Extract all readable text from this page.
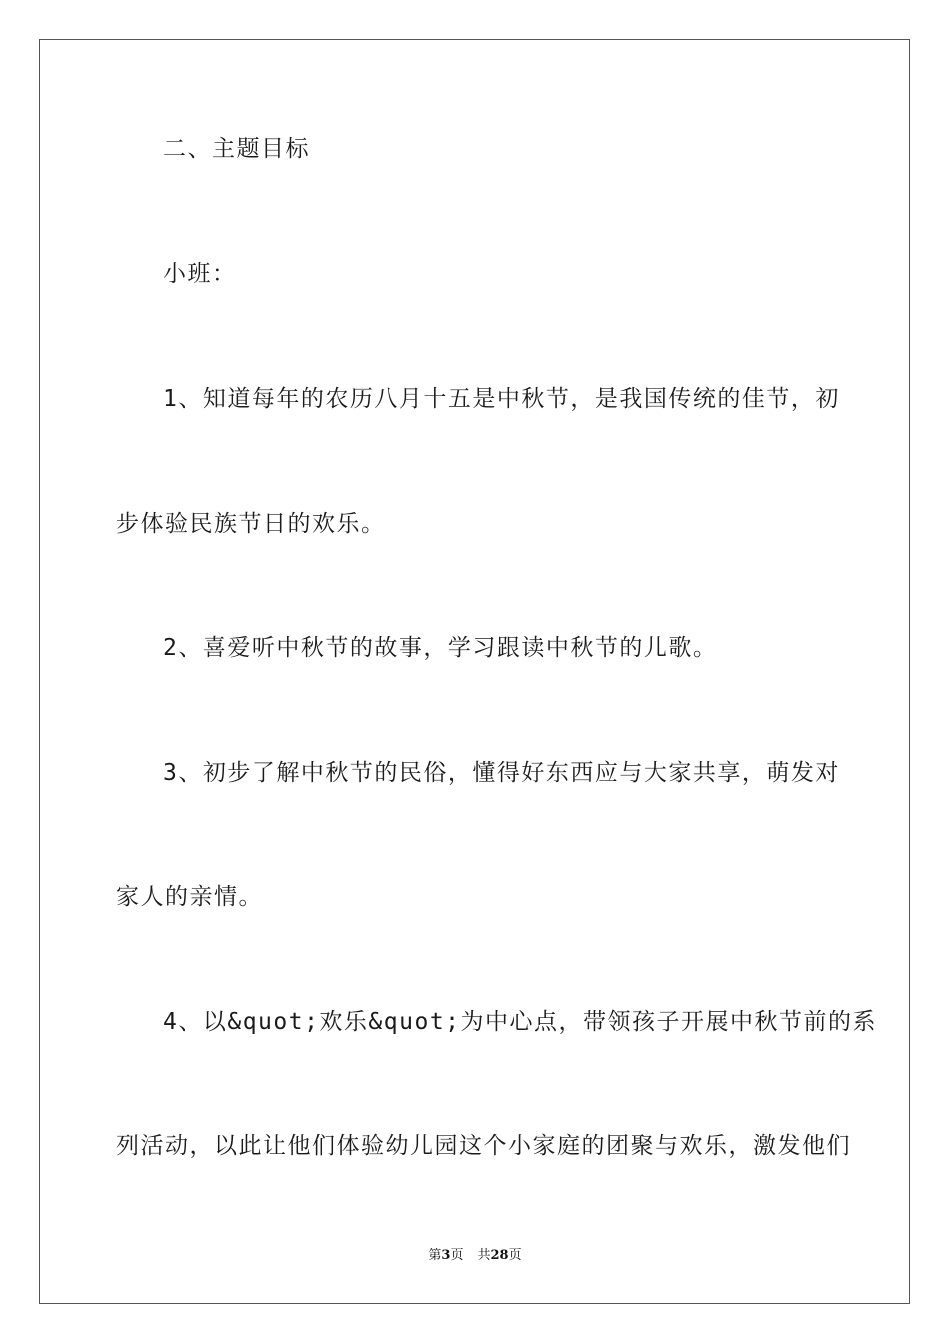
二、主题目标
小班：
1、知道每年的农历八月十五是中秋节，是我国传统的佳节，初
步体验民族节日的欢乐。
2、喜爱听中秋节的故事，学习跟读中秋节的儿歌。
3、初步了解中秋节的民俗，懂得好东西应与大家共享，萌发对
家人的亲情。
4、以&quot;欢乐&quot;为中心点，带领孩子开展中秋节前的系
列活动，以此让他们体验幼儿园这个小家庭的团聚与欢乐，激发他们
第3页 共28页
